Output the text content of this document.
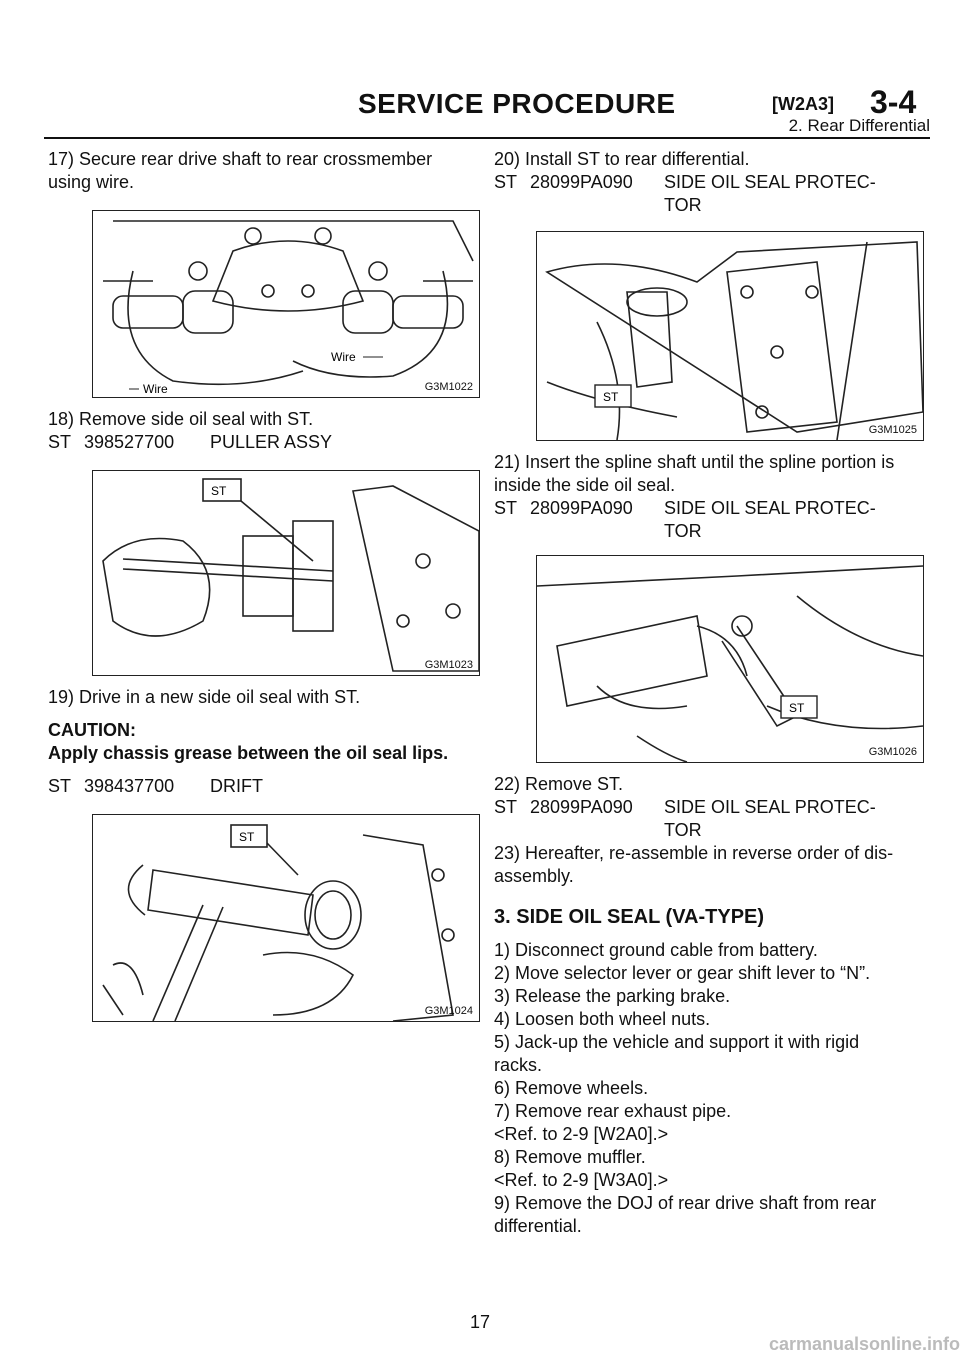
SERVICE PROCEDURE	[W2A3] 3-4
2. Rear Differential
17) Secure rear drive shaft to rear crossmember
using wire.
Wire
Wire	G3M1022
18) Remove side oil seal with ST.
ST 398527700	PULLER ASSY
ST
G3M1023
19) Drive in a new side oil seal with ST.
CAUTION:
Apply chassis grease between the oil seal lips.
ST 398437700	DRIFT
ST
G3M1024
20) Install ST to rear differential.
ST 28099PA090	SIDE OIL SEAL PROTEC-
TOR
ST
G3M1025
21) Insert the spline shaft until the spline portion is
inside the side oil seal.
ST 28099PA090	SIDE OIL SEAL PROTEC-
TOR
ST
G3M1026
22) Remove ST.
ST 28099PA090	SIDE OIL SEAL PROTEC-
TOR
23) Hereafter, re-assemble in reverse order of dis-
assembly.
3. SIDE OIL SEAL (VA-TYPE)
1) Disconnect ground cable from battery.
2) Move selector lever or gear shift lever to “N”.
3) Release the parking brake.
4) Loosen both wheel nuts.
5) Jack-up the vehicle and support it with rigid
racks.
6) Remove wheels.
7) Remove rear exhaust pipe.
<Ref. to 2-9 [W2A0].>
8) Remove muffler.
<Ref. to 2-9 [W3A0].>
9) Remove the DOJ of rear drive shaft from rear
differential.
17
carmanualsonline.info
